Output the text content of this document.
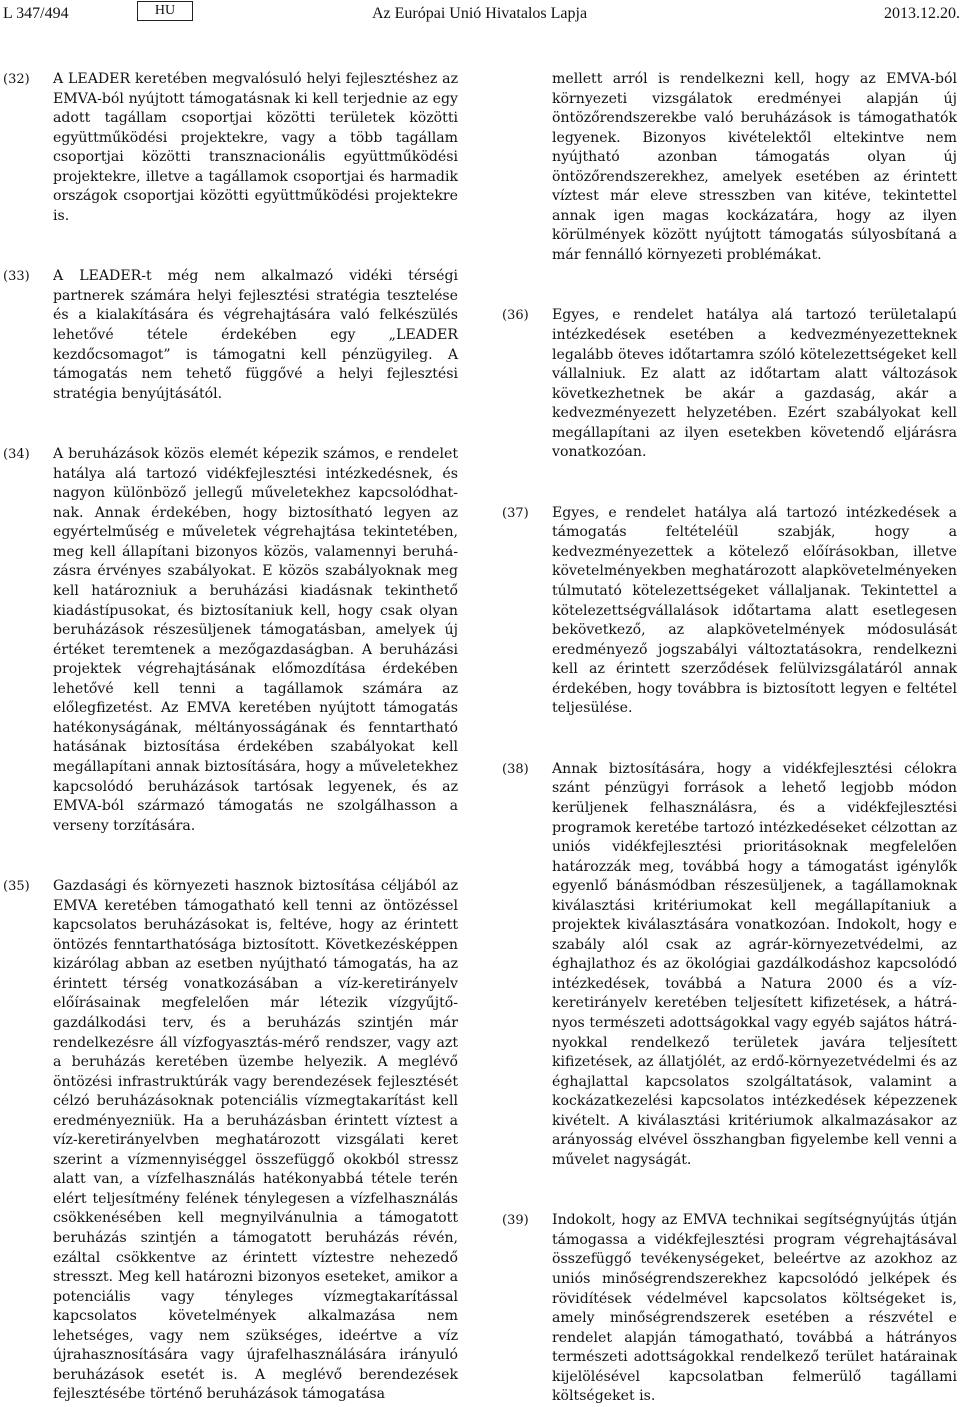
L 347/494	HU	Az Európai Unió Hivatalos Lapja	2013.12.20.
(32) A LEADER keretében megvalósuló helyi fejlesztéshez az EMVA-ból nyújtott támogatásnak ki kell terjednie az egy adott tagállam csoportjai közötti területek közötti együttműködési projektekre, vagy a több tagállam csoportjai közötti transznacionális együttműködési projektekre, illetve a tagállamok csoportjai és harmadik országok csoportjai közötti együttműködési projektekre is.
(33) A LEADER-t még nem alkalmazó vidéki térségi partnerek számára helyi fejlesztési stratégia tesztelése és a kialakítására és végrehajtására való felkészülés lehetővé tétele érdekében egy „LEADER kezdőcsomagot” is támogatni kell pénzügyileg. A támogatás nem tehető függővé a helyi fejlesztési stratégia benyújtásától.
(34) A beruházások közös elemét képezik számos, e rendelet hatálya alá tartozó vidékfejlesztési intézkedésnek, és nagyon különböző jellegű műveletekhez kapcsolódhatnak. Annak érdekében, hogy biztosítható legyen az egyértelműség e műveletek végrehajtása tekintetében, meg kell állapítani bizonyos közös, valamennyi beruházásra érvényes szabályokat. E közös szabályoknak meg kell határozniuk a beruházási kiadásnak tekinthető kiadástípusokat, és biztosítaniuk kell, hogy csak olyan beruházások részesüljenek támogatásban, amelyek új értéket teremtenek a mezőgazdaságban. A beruházási projektek végrehajtásának előmozdítása érdekében lehetővé kell tenni a tagállamok számára az előlegfizetést. Az EMVA keretében nyújtott támogatás hatékonyságának, méltányosságának és fenntartható hatásának biztosítása érdekében szabályokat kell megállapítani annak biztosítására, hogy a műveletekhez kapcsolódó beruházások tartósak legyenek, és az EMVA-ból származó támogatás ne szolgálhasson a verseny torzítására.
(35) Gazdasági és környezeti hasznok biztosítása céljából az EMVA keretében támogatható kell tenni az öntözéssel kapcsolatos beruházásokat is, feltéve, hogy az érintett öntözés fenntarthatósága biztosított. Következésképpen kizárólag abban az esetben nyújtható támogatás, ha az érintett térség vonatkozásában a víz-keretirányelv előírásainak megfelelően már létezik vízgyűjtő-gazdálkodási terv, és a beruházás szintjén már rendelkezésre áll vízfogyasztás-mérő rendszer, vagy azt a beruházás keretében üzembe helyezik. A meglévő öntözési infrastruktúrák vagy berendezések fejlesztését célzó beruházásoknak potenciális vízmegtakarítást kell eredményezniük. Ha a beruházásban érintett víztest a víz-keretirányelvben meghatározott vizsgálati keret szerint a vízmennyiséggel összefüggő okokból stressz alatt van, a vízfelhasználás hatékonyabbá tétele terén elért teljesítmény felének ténylegesen a vízfelhasználás csökkenésében kell megnyilvánulnia a támogatott beruházás szintjén a támogatott beruházás révén, ezáltal csökkentve az érintett víztestre nehezedő stresszt. Meg kell határozni bizonyos eseteket, amikor a potenciális vagy tényleges vízmegtakarítással kapcsolatos követelmények alkalmazása nem lehetséges, vagy nem szükséges, ideértve a víz újrahasznosítására vagy újrafelhasználására irányuló beruházások esetét is. A meglévő berendezések fejlesztésébe történő beruházások támogatása
mellett arról is rendelkezni kell, hogy az EMVA-ból környezeti vizsgálatok eredményei alapján új öntözőrendszerekbe való beruházások is támogathatók legyenek. Bizonyos kivételektől eltekintve nem nyújtható azonban támogatás olyan új öntözőrendszerekhez, amelyek esetében az érintett víztest már eleve stresszben van kitéve, tekintettel annak igen magas kockázatára, hogy az ilyen körülmények között nyújtott támogatás súlyosbítaná a már fennálló környezeti problémákat.
(36) Egyes, e rendelet hatálya alá tartozó területalapú intézkedések esetében a kedvezményezetteknek legalább öteves időtartamra szóló kötelezettségeket kell vállalniuk. Ez alatt az időtartam alatt változások következhetnek be akár a gazdaság, akár a kedvezményezett helyzetében. Ezért szabályokat kell megállapítani az ilyen esetekben követendő eljárásra vonatkozóan.
(37) Egyes, e rendelet hatálya alá tartozó intézkedések a támogatás feltételéül szabják, hogy a kedvezményezettek a kötelező előírásokban, illetve követelményekben meghatározott alapkövetelményeken túlmutató kötelezettségeket vállaljanak. Tekintettel a kötelezettségvállalások időtartama alatt esetlegesen bekövetkező, az alapkövetelmények módosulását eredményező jogszabályi változtatásokra, rendelkezni kell az érintett szerződések felülvizsgálatáról annak érdekében, hogy továbbra is biztosított legyen e feltétel teljesülése.
(38) Annak biztosítására, hogy a vidékfejlesztési célokra szánt pénzügyi források a lehető legjobb módon kerüljenek felhasználásra, és a vidékfejlesztési programok keretébe tartozó intézkedéseket célzottan az uniós vidékfejlesztési prioritásoknak megfelelően határozzák meg, továbbá hogy a támogatást igénylők egyenlő bánásmódban részesüljenek, a tagállamoknak kiválasztási kritériumokat kell megállapítaniuk a projektek kiválasztására vonatkozóan. Indokolt, hogy e szabály alól csak az agrár-környezetvédelmi, az éghajlathoz és az ökológiai gazdálkodáshoz kapcsolódó intézkedések, továbbá a Natura 2000 és a víz-keretirányelv keretében teljesített kifizetések, a hátrányos természeti adottságokkal vagy egyéb sajátos hátrányokkal rendelkező területek javára teljesített kifizetések, az állatjólét, az erdő-környezetvédelmi és az éghajlattal kapcsolatos szolgáltatások, valamint a kockázatkezelési kapcsolatos intézkedések képezzenek kivételt. A kiválasztási kritériumok alkalmazásakor az arányosság elvével összhangban figyelembe kell venni a művelet nagyságát.
(39) Indokolt, hogy az EMVA technikai segítségnyújtás útján támogassa a vidékfejlesztési program végrehajtásával összefüggő tevékenységeket, beleértve az azokhoz az uniós minőségrendszerekhez kapcsolódó jelképek és rövidítések védelmével kapcsolatos költségeket is, amely minőségrendszerek esetében a részvétel e rendelet alapján támogatható, továbbá a hátrányos természeti adottságokkal rendelkező terület határainak kijelölésével kapcsolatban felmerülő tagállami költségeket is.
